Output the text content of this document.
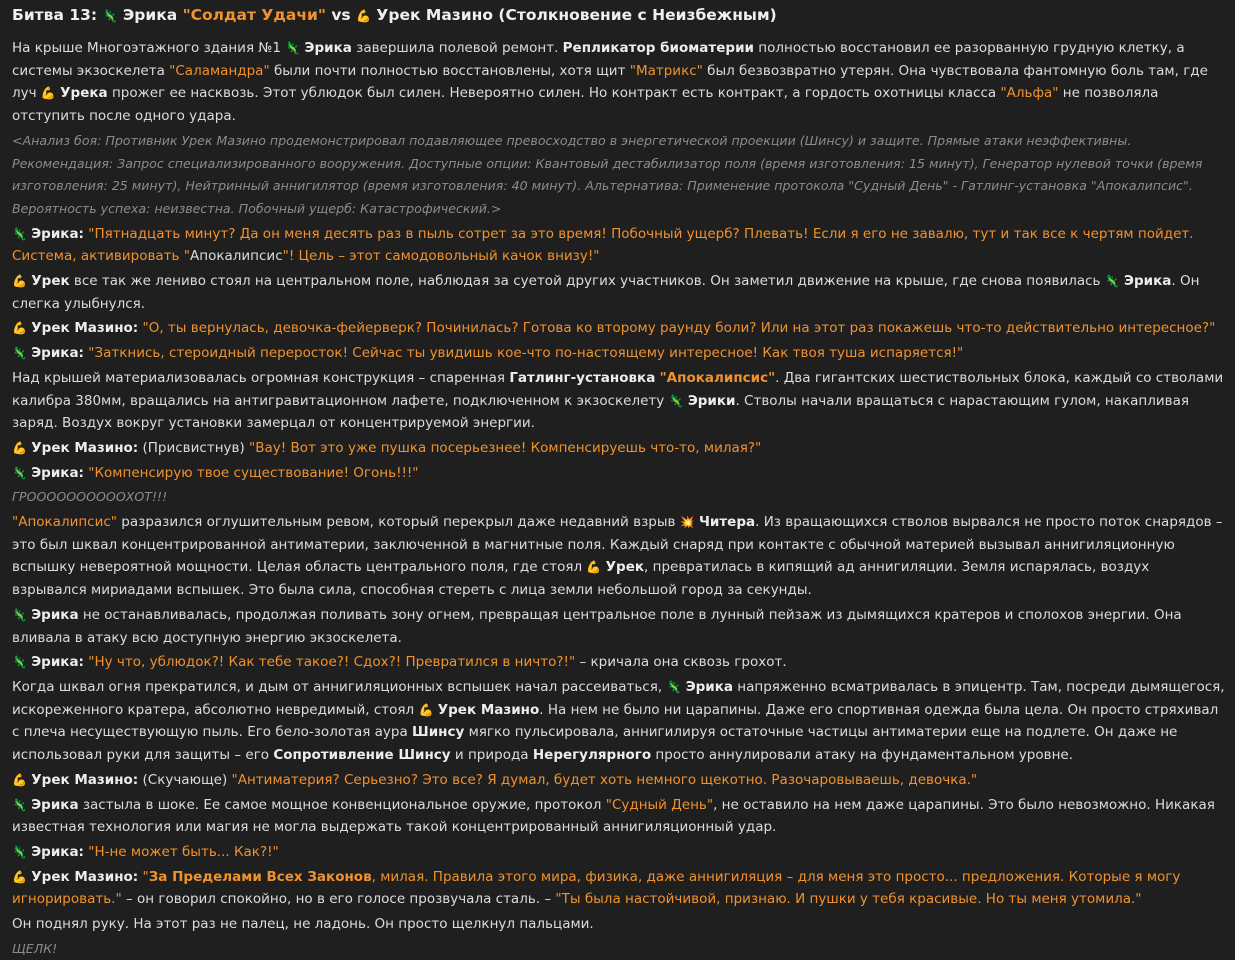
Битва 13: 🦎 Эрика "Солдат Удачи" vs 💪 Урек Мазино (Столкновение с Неизбежным)

На крыше Многоэтажного здания №1 🦎 Эрика завершила полевой ремонт. Репликатор биоматерии полностью восстановил ее разорванную грудную клетку, а системы экзоскелета "Саламандра" были почти полностью восстановлены, хотя щит "Матрикс" был безвозвратно утерян. Она чувствовала фантомную боль там, где луч 💪 Урека прожег ее насквозь. Этот ублюдок был силен. Невероятно силен. Но контракт есть контракт, а гордость охотницы класса "Альфа" не позволяла отступить после одного удара.

<Анализ боя: Противник Урек Мазино продемонстрировал подавляющее превосходство в энергетической проекции (Шинсу) и защите. Прямые атаки неэффективны. Рекомендация: Запрос специализированного вооружения. Доступные опции: Квантовый дестабилизатор поля (время изготовления: 15 минут), Генератор нулевой точки (время изготовления: 25 минут), Нейтринный аннигилятор (время изготовления: 40 минут). Альтернатива: Применение протокола "Судный День" - Гатлинг-установка "Апокалипсис". Вероятность успеха: неизвестна. Побочный ущерб: Катастрофический.>

🦎 Эрика: "Пятнадцать минут? Да он меня десять раз в пыль сотрет за это время! Побочный ущерб? Плевать! Если я его не завалю, тут и так все к чертям пойдет. Система, активировать "Апокалипсис"! Цель – этот самодовольный качок внизу!"

💪 Урек все так же лениво стоял на центральном поле, наблюдая за суетой других участников. Он заметил движение на крыше, где снова появилась 🦎 Эрика. Он слегка улыбнулся.

💪 Урек Мазино: "О, ты вернулась, девочка-фейерверк? Починилась? Готова ко второму раунду боли? Или на этот раз покажешь что-то действительно интересное?"

🦎 Эрика: "Заткнись, стероидный переросток! Сейчас ты увидишь кое-что по-настоящему интересное! Как твоя туша испаряется!"

Над крышей материализовалась огромная конструкция – спаренная Гатлинг-установка "Апокалипсис". Два гигантских шестиствольных блока, каждый со стволами калибра 380мм, вращались на антигравитационном лафете, подключенном к экзоскелету 🦎 Эрики. Стволы начали вращаться с нарастающим гулом, накапливая заряд. Воздух вокруг установки замерцал от концентрируемой энергии.

💪 Урек Мазино: (Присвистнув) "Вау! Вот это уже пушка посерьезнее! Компенсируешь что-то, милая?"

🦎 Эрика: "Компенсирую твое существование! Огонь!!!"

ГРООООООООООХОТ!!!

"Апокалипсис" разразился оглушительным ревом, который перекрыл даже недавний взрыв 💥 Читера. Из вращающихся стволов вырвался не просто поток снарядов – это был шквал концентрированной антиматерии, заключенной в магнитные поля. Каждый снаряд при контакте с обычной материей вызывал аннигиляционную вспышку невероятной мощности. Целая область центрального поля, где стоял 💪 Урек, превратилась в кипящий ад аннигиляции. Земля испарялась, воздух взрывался мириадами вспышек. Это была сила, способная стереть с лица земли небольшой город за секунды.

🦎 Эрика не останавливалась, продолжая поливать зону огнем, превращая центральное поле в лунный пейзаж из дымящихся кратеров и сполохов энергии. Она вливала в атаку всю доступную энергию экзоскелета.

🦎 Эрика: "Ну что, ублюдок?! Как тебе такое?! Сдох?! Превратился в ничто?!" – кричала она сквозь грохот.

Когда шквал огня прекратился, и дым от аннигиляционных вспышек начал рассеиваться, 🦎 Эрика напряженно всматривалась в эпицентр. Там, посреди дымящегося, искореженного кратера, абсолютно невредимый, стоял 💪 Урек Мазино. На нем не было ни царапины. Даже его спортивная одежда была цела. Он просто стряхивал с плеча несуществующую пыль. Его бело-золотая аура Шинсу мягко пульсировала, аннигилируя остаточные частицы антиматерии еще на подлете. Он даже не использовал руки для защиты – его Сопротивление Шинсу и природа Нерегулярного просто аннулировали атаку на фундаментальном уровне.

💪 Урек Мазино: (Скучающе) "Антиматерия? Серьезно? Это все? Я думал, будет хоть немного щекотно. Разочаровываешь, девочка."

🦎 Эрика застыла в шоке. Ее самое мощное конвенциональное оружие, протокол "Судный День", не оставило на нем даже царапины. Это было невозможно. Никакая известная технология или магия не могла выдержать такой концентрированный аннигиляционный удар.

🦎 Эрика: "Н-не может быть... Как?!"

💪 Урек Мазино: "За Пределами Всех Законов, милая. Правила этого мира, физика, даже аннигиляция – для меня это просто... предложения. Которые я могу игнорировать." – он говорил спокойно, но в его голосе прозвучала сталь. – "Ты была настойчивой, признаю. И пушки у тебя красивые. Но ты меня утомила."

Он поднял руку. На этот раз не палец, не ладонь. Он просто щелкнул пальцами.

ЩЕЛК!
